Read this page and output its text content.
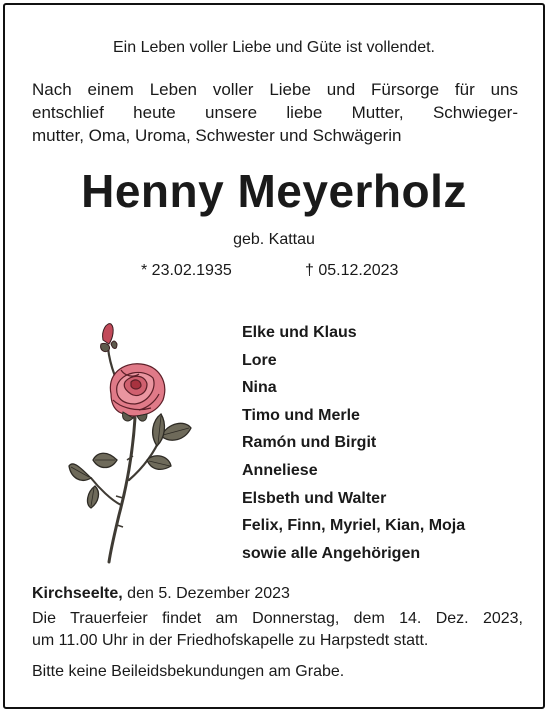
Ein Leben voller Liebe und Güte ist vollendet.
Nach einem Leben voller Liebe und Fürsorge für uns
entschlief heute unsere liebe Mutter, Schwieger-
mutter, Oma, Uroma, Schwester und Schwägerin
Henny Meyerholz
geb. Kattau
* 23.02.1935	† 05.12.2023
Elke und Klaus
Lore
Nina
Timo und Merle
Ramón und Birgit
Anneliese
Elsbeth und Walter
Felix, Finn, Myriel, Kian, Moja
sowie alle Angehörigen
Kirchseelte, den 5. Dezember 2023
Die Trauerfeier findet am Donnerstag, dem 14. Dez. 2023,
um 11.00 Uhr in der Friedhofskapelle zu Harpstedt statt.
Bitte keine Beileidsbekundungen am Grabe.
